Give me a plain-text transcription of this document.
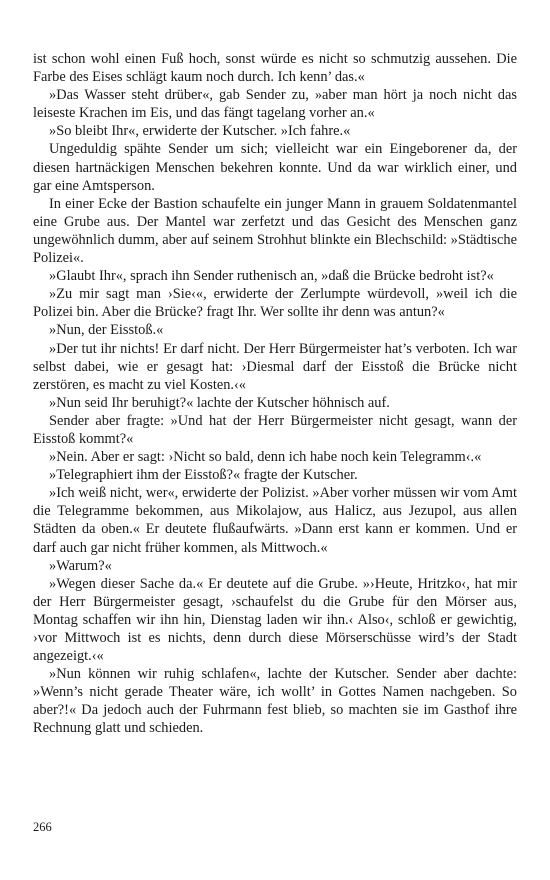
ist schon wohl einen Fuß hoch, sonst würde es nicht so schmutzig aussehen. Die Farbe des Eises schlägt kaum noch durch. Ich kenn’ das.«

»Das Wasser steht drüber«, gab Sender zu, »aber man hört ja noch nicht das leiseste Krachen im Eis, und das fängt tagelang vorher an.«

»So bleibt Ihr«, erwiderte der Kutscher. »Ich fahre.«

Ungeduldig spähte Sender um sich; vielleicht war ein Eingeborener da, der diesen hartnäckigen Menschen bekehren konnte. Und da war wirklich einer, und gar eine Amtsperson.

In einer Ecke der Bastion schaufelte ein junger Mann in grauem Soldatenmantel eine Grube aus. Der Mantel war zerfetzt und das Gesicht des Menschen ganz ungewöhnlich dumm, aber auf seinem Strohhut blinkte ein Blechschild: »Städtische Polizei«.

»Glaubt Ihr«, sprach ihn Sender ruthenisch an, »daß die Brücke bedroht ist?«

»Zu mir sagt man ›Sie‹«, erwiderte der Zerlumpte würdevoll, »weil ich die Polizei bin. Aber die Brücke? fragt Ihr. Wer sollte ihr denn was antun?«

»Nun, der Eisstoß.«

»Der tut ihr nichts! Er darf nicht. Der Herr Bürgermeister hat’s verboten. Ich war selbst dabei, wie er gesagt hat: ›Diesmal darf der Eisstoß die Brücke nicht zerstören, es macht zu viel Kosten.‹«

»Nun seid Ihr beruhigt?« lachte der Kutscher höhnisch auf.

Sender aber fragte: »Und hat der Herr Bürgermeister nicht gesagt, wann der Eisstoß kommt?«

»Nein. Aber er sagt: ›Nicht so bald, denn ich habe noch kein Telegramm‹.«

»Telegraphiert ihm der Eisstoß?« fragte der Kutscher.

»Ich weiß nicht, wer«, erwiderte der Polizist. »Aber vorher müssen wir vom Amt die Telegramme bekommen, aus Mikolajow, aus Halicz, aus Jezupol, aus allen Städten da oben.« Er deutete flußaufwärts. »Dann erst kann er kommen. Und er darf auch gar nicht früher kommen, als Mittwoch.«

»Warum?«

»Wegen dieser Sache da.« Er deutete auf die Grube. »›Heute, Hritzko‹, hat mir der Herr Bürgermeister gesagt, ›schaufelst du die Grube für den Mörser aus, Montag schaffen wir ihn hin, Dienstag laden wir ihn.‹ Also‹, schloß er gewichtig, ›vor Mittwoch ist es nichts, denn durch diese Mörserschüsse wird’s der Stadt angezeigt.‹«

»Nun können wir ruhig schlafen«, lachte der Kutscher. Sender aber dachte: »Wenn’s nicht gerade Theater wäre, ich wollt’ in Gottes Namen nachgeben. So aber?!« Da jedoch auch der Fuhrmann fest blieb, so machten sie im Gasthof ihre Rechnung glatt und schieden.

266
